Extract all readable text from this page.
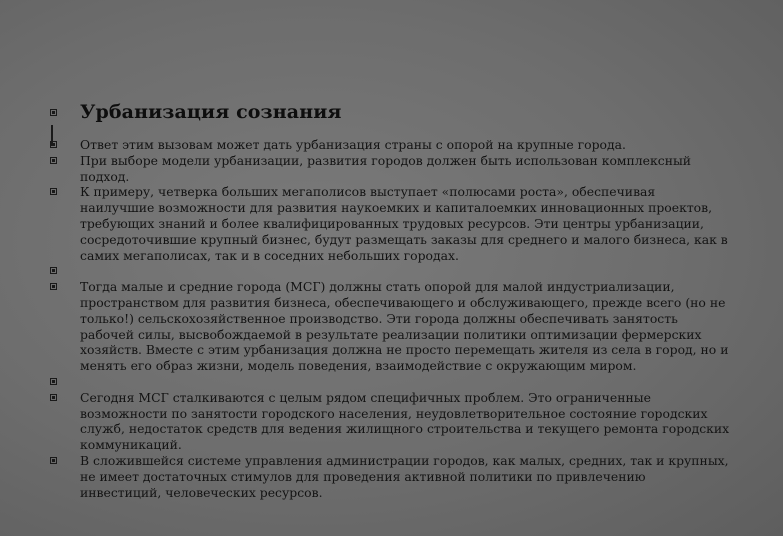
Урбанизация сознания
Ответ этим вызовам может дать урбанизация страны с опорой на крупные города.
При выборе модели урбанизации, развития городов должен быть использован комплексный подход.
К примеру, четверка больших мегаполисов выступает «полюсами роста», обеспечивая наилучшие возможности для развития наукоемких и капиталоемких инновационных проектов, требующих знаний и более квалифицированных трудовых ресурсов. Эти центры урбанизации, сосредоточившие крупный бизнес, будут размещать заказы для среднего и малого бизнеса, как в самих мегаполисах, так и в соседних небольших городах.
Тогда малые и средние города (МСГ) должны стать опорой для малой индустриализации, пространством для развития бизнеса, обеспечивающего и обслуживающего, прежде всего (но не только!) сельскохозяйственное производство. Эти города должны обеспечивать занятость рабочей силы, высвобождаемой в результате реализации политики оптимизации фермерских хозяйств. Вместе с этим урбанизация должна не просто перемещать жителя из села в город, но и менять его образ жизни, модель поведения, взаимодействие с окружающим миром.
Сегодня МСГ сталкиваются с целым рядом специфичных проблем. Это ограниченные возможности по занятости городского населения, неудовлетворительное состояние городских служб, недостаток средств для ведения жилищного строительства и текущего ремонта городских коммуникаций.
В сложившейся системе управления администрации городов, как малых, средних, так и крупных, не имеет достаточных стимулов для проведения активной политики по привлечению инвестиций, человеческих ресурсов.
